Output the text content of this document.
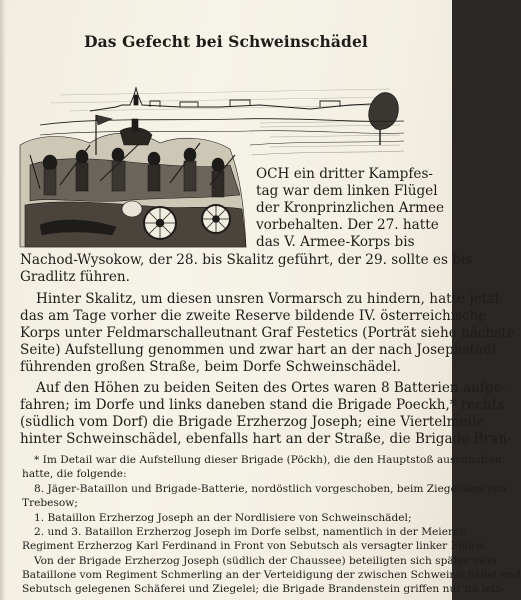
Das Gefecht bei Schweinschädel
OCH ein dritter Kampfes-
tag war dem linken Flügel
der Kronprinzlichen Armee
vorbehalten. Der 27. hatte
das V. Armee-Korps bis
Nachod-Wysokow, der 28. bis Skalitz geführt, der 29. sollte es bis
Gradlitz führen.
Hinter Skalitz, um diesen unsren Vormarsch zu hindern, hatte jetzt
das am Tage vorher die zweite Reserve bildende IV. österreichische
Korps unter Feldmarschalleutnant Graf Festetics (Porträt siehe nächste
Seite) Aufstellung genommen und zwar hart an der nach Josephstadt
führenden großen Straße, beim Dorfe Schweinschädel.
Auf den Höhen zu beiden Seiten des Ortes waren 8 Batterien aufge-
fahren; im Dorfe und links daneben stand die Brigade Poeckh,* rechts
(südlich vom Dorf) die Brigade Erzherzog Joseph; eine Viertelmeile
hinter Schweinschädel, ebenfalls hart an der Straße, die Brigade Bran-
* Im Detail war die Aufstellung dieser Brigade (Pöckh), die den Hauptstoß auszuhalten
hatte, die folgende:
8. Jäger-Bataillon und Brigade-Batterie, nordöstlich vorgeschoben, beim Ziegelofen von
Trebesow;
1. Bataillon Erzherzog Joseph an der Nordlisiere von Schweinschädel;
2. und 3. Bataillon Erzherzog Joseph im Dorfe selbst, namentlich in der Meierei;
Regiment Erzherzog Karl Ferdinand in Front von Sebutsch als versagter linker Flügel.
Von der Brigade Erzherzog Joseph (südlich der Chaussee) beteiligten sich später zwei
Bataillone vom Regiment Schmerling an der Verteidigung der zwischen Schweinschädel und
Sebutsch gelegenen Schäferei und Ziegelei; die Brigade Brandenstein griffen nur im letz-
